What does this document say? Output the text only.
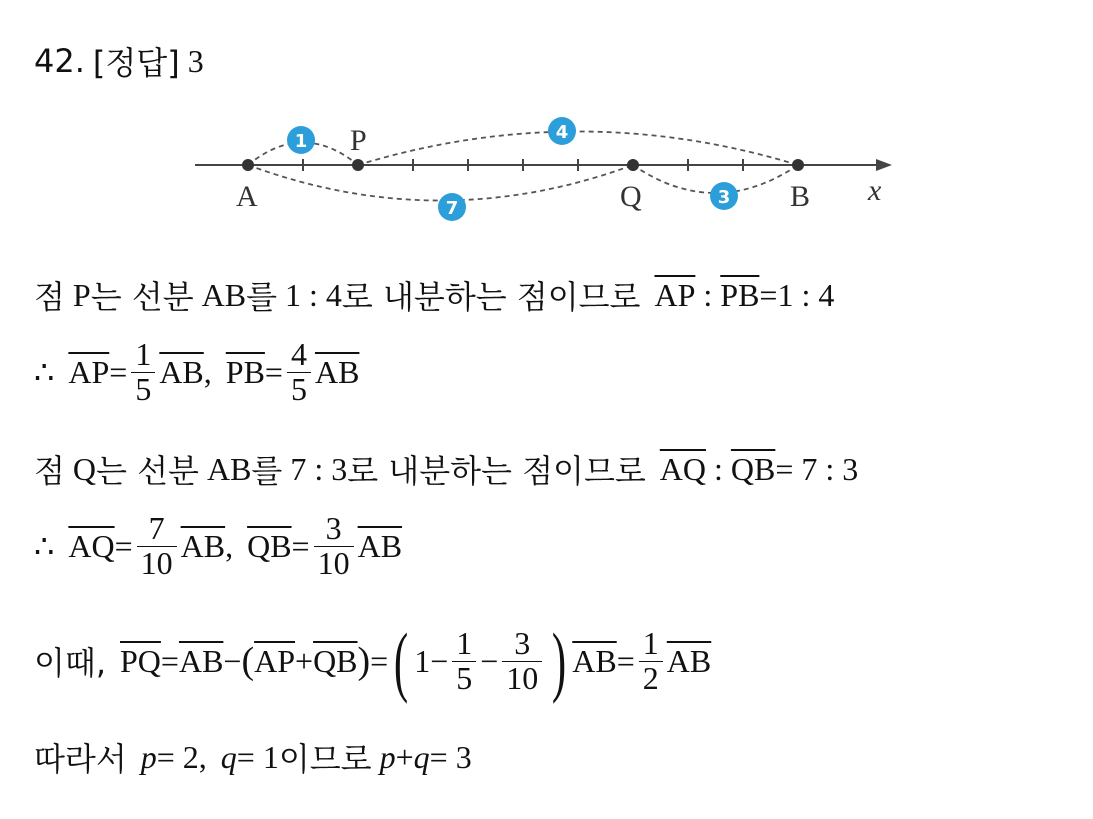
42. [정답] 3
A
P
Q	B x
1	4
7
3
점 P 는 선분 AB 를 1 : 4 로 내분하는 점이므로 $\overline{AP}$ : $\overline{PB} =1$ : 4
∴ $\overline{AP} = \frac{1}{5} \overline{AB}$ , $\overline{PB} = \frac{4}{5} \overline{AB}$
점 Q 는 선분 AB 를 7 : 3 로 내분하는 점이므로 $\overline{AQ}$ : $\overline{QB} = 7$ : 3
∴ $\overline{AQ} = \frac{7}{10} \overline{AB}$ , $\overline{QB} = \frac{3}{10} \overline{AB}$
이때, $\overline{PQ} = \overline{AB}$ − ( $\overline{AP} + \overline{QB}$ ) = ( $1 - \frac{1}{5} - \frac{3}{10}$ ) $\overline{AB} = \frac{1}{2} \overline{AB}$
따라서 p = 2, q = 1 이므로 p + q = 3
